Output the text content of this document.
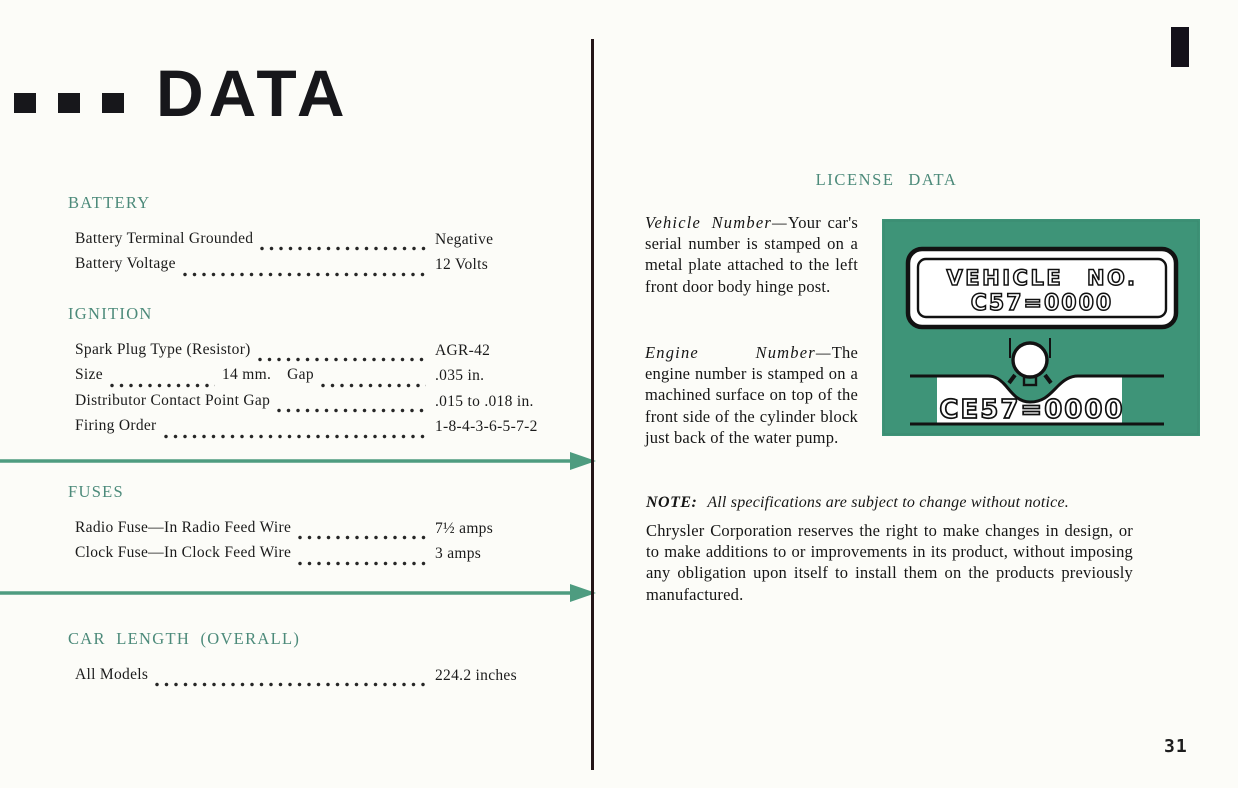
DATA
BATTERY
Battery Terminal Grounded	Negative
Battery Voltage	12 Volts
IGNITION
Spark Plug Type (Resistor)	AGR-42
Size	14 mm. Gap	.035 in.
Distributor Contact Point Gap	.015 to .018 in.
Firing Order	1-8-4-3-6-5-7-2
FUSES
Radio Fuse—In Radio Feed Wire	7½ amps
Clock Fuse—In Clock Feed Wire	3 amps
CAR LENGTH (OVERALL)
All Models	224.2 inches
LICENSE DATA
Vehicle Number—Your car's serial number is stamped on a metal plate attached to the left front door body hinge post.
Engine Number—The engine number is stamped on a machined surface on top of the front side of the cylinder block just back of the water pump.
VEHICLE NO.
C57=0000
CE57=0000
NOTE: All specifications are subject to change without notice.
Chrysler Corporation reserves the right to make changes in design, or to make additions to or improvements in its product, without imposing any obligation upon itself to install them on the products previously manufactured.
31
